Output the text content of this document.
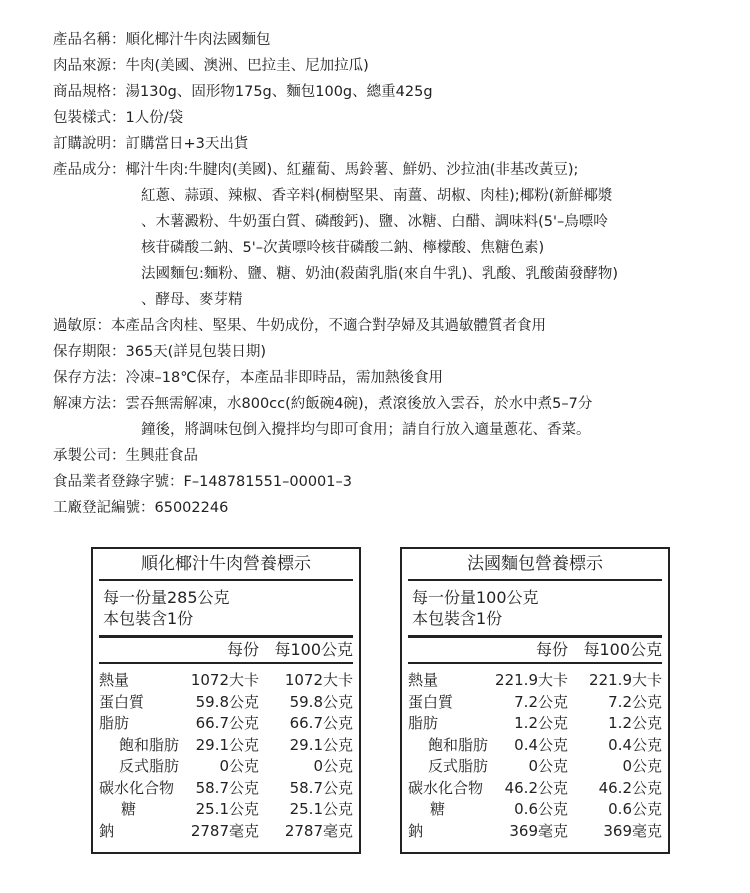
產品名稱： 順化椰汁牛肉法國麵包
肉品來源： 牛肉(美國、澳洲、巴拉圭、尼加拉瓜)
商品規格： 湯130g、固形物175g、麵包100g、總重425g
包裝樣式： 1人份/袋
訂購說明： 訂購當日+3天出貨
產品成分： 椰汁牛肉:牛腱肉(美國)、紅蘿蔔、馬鈴薯、鮮奶、沙拉油(非基改黃豆);
紅蔥、蒜頭、辣椒、香辛料(桐樹堅果、南薑、胡椒、肉桂);椰粉(新鮮椰漿
、木薯澱粉、牛奶蛋白質、磷酸鈣)、鹽、冰糖、白醋、調味料(5'–鳥嘌呤
核苷磷酸二鈉、5'–次黃嘌呤核苷磷酸二鈉、檸檬酸、焦糖色素)
法國麵包:麵粉、鹽、糖、奶油(殺菌乳脂(來自牛乳)、乳酸、乳酸菌發酵物)
、酵母、麥芽精
過敏原： 本產品含肉桂、堅果、牛奶成份，不適合對孕婦及其過敏體質者食用
保存期限： 365天(詳見包裝日期)
保存方法： 冷凍–18℃保存，本產品非即時品，需加熱後食用
解凍方法： 雲吞無需解凍，水800cc(約飯碗4碗)，煮滾後放入雲吞，於水中煮5–7分
鐘後，將調味包倒入攪拌均勻即可食用；請自行放入適量蔥花、香菜。
承製公司： 生興莊食品
食品業者登錄字號： F–148781551–00001–3
工廠登記編號： 65002246
順化椰汁牛肉營養標示
每一份量285公克
本包裝含1份
每份 每100公克
熱量	1072大卡	1072大卡
蛋白質	59.8公克	59.8公克
脂肪	66.7公克	66.7公克
飽和脂肪	29.1公克	29.1公克
反式脂肪	0公克	0公克
碳水化合物	58.7公克	58.7公克
糖	25.1公克	25.1公克
鈉	2787毫克	2787毫克
法國麵包營養標示
每一份量100公克
本包裝含1份
每份 每100公克
熱量	221.9大卡	221.9大卡
蛋白質	7.2公克	7.2公克
脂肪	1.2公克	1.2公克
飽和脂肪	0.4公克	0.4公克
反式脂肪	0公克	0公克
碳水化合物	46.2公克	46.2公克
糖	0.6公克	0.6公克
鈉	369毫克	369毫克
